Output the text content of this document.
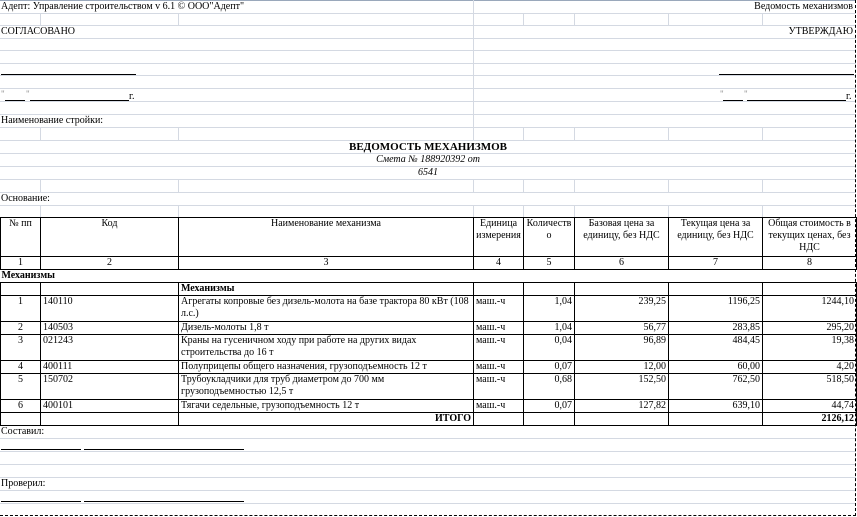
Адепт: Управление строительством v 6.1 © ООО"Адепт"	Ведомость механизмов
СОГЛАСОВАНО	УТВЕРЖДАЮ
" "	г.	" "	г.
Наименование стройки:
ВЕДОМОСТЬ МЕХАНИЗМОВ
Смета № 188920392 от
6541
Основание:
№ пп	Код	Наименование механизма	Единица измерения	Количеств о	Базовая цена за единицу, без НДС	Текущая цена за единицу, без НДС	Общая стоимость в текущих ценах, без НДС
1	2	3	4	5	6	7	8
Механизмы							
		Механизмы					
1	140110	Агрегаты копровые без дизель-молота на базе трактора 80 кВт (108 л.с.)	маш.-ч	1,04	239,25	1196,25	1244,10
2	140503	Дизель-молоты 1,8 т	маш.-ч	1,04	56,77	283,85	295,20
3	021243	Краны на гусеничном ходу при работе на других видах строительства до 16 т	маш.-ч	0,04	96,89	484,45	19,38
4	400111	Полуприцепы общего назначения, грузоподъемность 12 т	маш.-ч	0,07	12,00	60,00	4,20
5	150702	Трубоукладчики для труб диаметром до 700 мм грузоподъемностью 12,5 т	маш.-ч	0,68	152,50	762,50	518,50
6	400101	Тягачи седельные, грузоподъемность 12 т	маш.-ч	0,07	127,82	639,10	44,74
		ИТОГО					2126,12
Составил:
Проверил:
